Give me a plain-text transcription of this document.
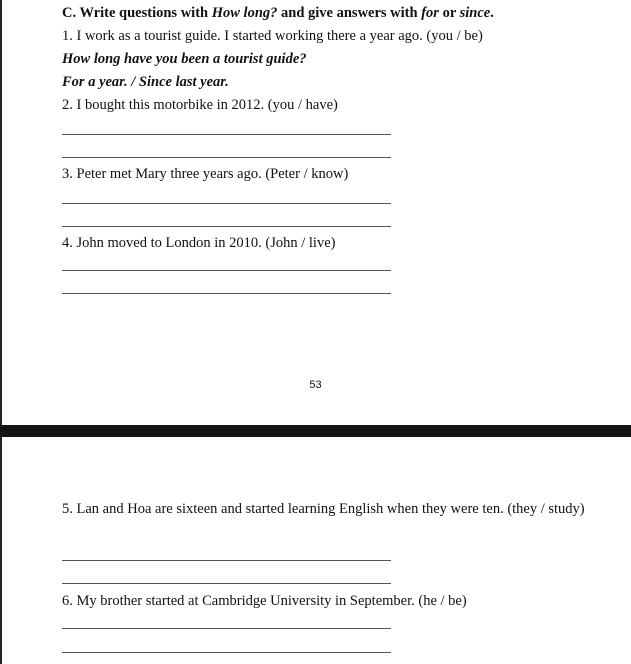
C. Write questions with How long? and give answers with for or since.
1. I work as a tourist guide. I started working there a year ago. (you / be)
How long have you been a tourist guide?
For a year. / Since last year.
2. I bought this motorbike in 2012. (you / have)
3. Peter met Mary three years ago. (Peter / know)
4. John moved to London in 2010. (John / live)
53
5. Lan and Hoa are sixteen and started learning English when they were ten. (they / study)
6. My brother started at Cambridge University in September. (he / be)
